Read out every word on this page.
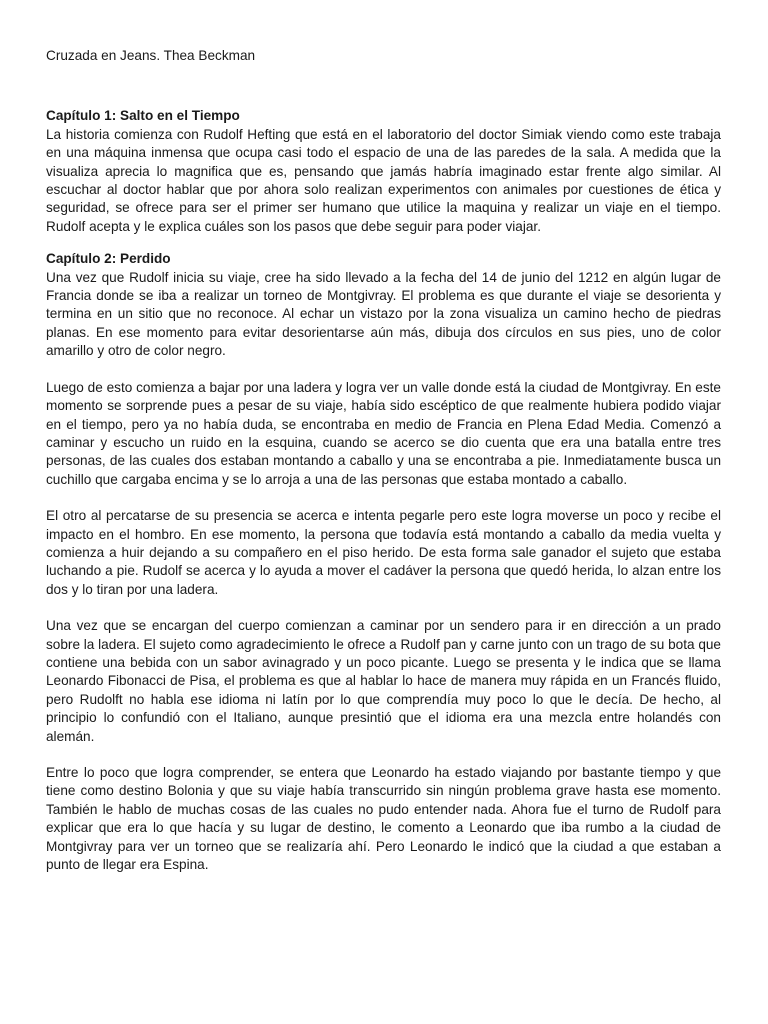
Cruzada en Jeans. Thea Beckman

Capítulo 1: Salto en el Tiempo

La historia comienza con Rudolf Hefting que está en el laboratorio del doctor Simiak viendo como este trabaja en una máquina inmensa que ocupa casi todo el espacio de una de las paredes de la sala. A medida que la visualiza aprecia lo magnifica que es, pensando que jamás habría imaginado estar frente algo similar. Al escuchar al doctor hablar que por ahora solo realizan experimentos con animales por cuestiones de ética y seguridad, se ofrece para ser el primer ser humano que utilice la maquina y realizar un viaje en el tiempo. Rudolf acepta y le explica cuáles son los pasos que debe seguir para poder viajar.

Capítulo 2: Perdido

Una vez que Rudolf inicia su viaje, cree ha sido llevado a la fecha del 14 de junio del 1212 en algún lugar de Francia donde se iba a realizar un torneo de Montgivray. El problema es que durante el viaje se desorienta y termina en un sitio que no reconoce. Al echar un vistazo por la zona visualiza un camino hecho de piedras planas. En ese momento para evitar desorientarse aún más, dibuja dos círculos en sus pies, uno de color amarillo y otro de color negro.

Luego de esto comienza a bajar por una ladera y logra ver un valle donde está la ciudad de Montgivray. En este momento se sorprende pues a pesar de su viaje, había sido escéptico de que realmente hubiera podido viajar en el tiempo, pero ya no había duda, se encontraba en medio de Francia en Plena Edad Media. Comenzó a caminar y escucho un ruido en la esquina, cuando se acerco se dio cuenta que era una batalla entre tres personas, de las cuales dos estaban montando a caballo y una se encontraba a pie. Inmediatamente busca un cuchillo que cargaba encima y se lo arroja a una de las personas que estaba montado a caballo.

El otro al percatarse de su presencia se acerca e intenta pegarle pero este logra moverse un poco y recibe el impacto en el hombro. En ese momento, la persona que todavía está montando a caballo da media vuelta y comienza a huir dejando a su compañero en el piso herido. De esta forma sale ganador el sujeto que estaba luchando a pie. Rudolf se acerca y lo ayuda a mover el cadáver la persona que quedó herida, lo alzan entre los dos y lo tiran por una ladera.

Una vez que se encargan del cuerpo comienzan a caminar por un sendero para ir en dirección a un prado sobre la ladera. El sujeto como agradecimiento le ofrece a Rudolf pan y carne junto con un trago de su bota que contiene una bebida con un sabor avinagrado y un poco picante. Luego se presenta y le indica que se llama Leonardo Fibonacci de Pisa, el problema es que al hablar lo hace de manera muy rápida en un Francés fluido, pero Rudolft no habla ese idioma ni latín por lo que comprendía muy poco lo que le decía. De hecho, al principio lo confundió con el Italiano, aunque presintió que el idioma era una mezcla entre holandés con alemán.

Entre lo poco que logra comprender, se entera que Leonardo ha estado viajando por bastante tiempo y que tiene como destino Bolonia y que su viaje había transcurrido sin ningún problema grave hasta ese momento. También le hablo de muchas cosas de las cuales no pudo entender nada. Ahora fue el turno de Rudolf para explicar que era lo que hacía y su lugar de destino, le comento a Leonardo que iba rumbo a la ciudad de Montgivray para ver un torneo que se realizaría ahí. Pero Leonardo le indicó que la ciudad a que estaban a punto de llegar era Espina.
